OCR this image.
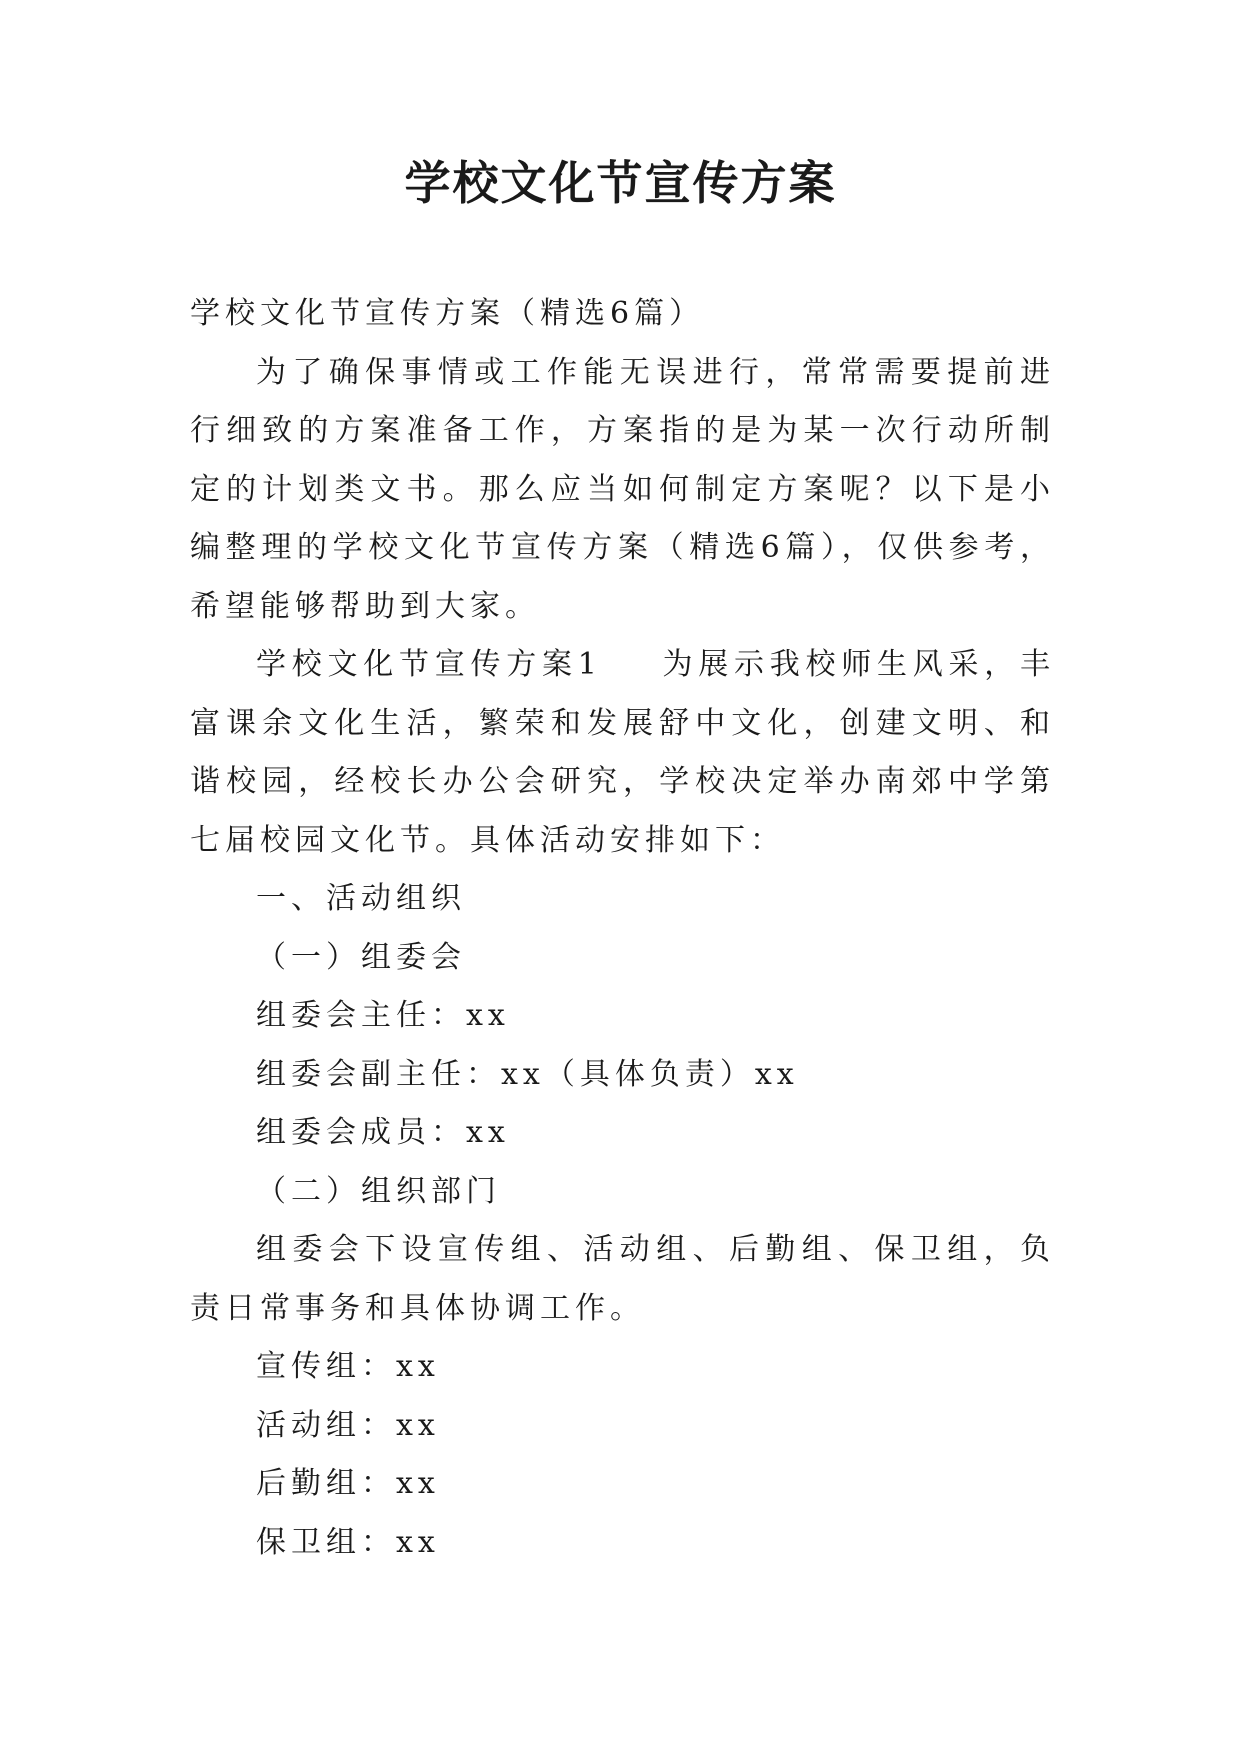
学校文化节宣传方案

学校文化节宣传方案（精选6篇）

为了确保事情或工作能无误进行，常常需要提前进行细致的方案准备工作，方案指的是为某一次行动所制定的计划类文书。那么应当如何制定方案呢？以下是小编整理的学校文化节宣传方案（精选6篇），仅供参考，希望能够帮助到大家。

学校文化节宣传方案1 为展示我校师生风采，丰富课余文化生活，繁荣和发展舒中文化，创建文明、和谐校园，经校长办公会研究，学校决定举办南郊中学第七届校园文化节。具体活动安排如下：

一、活动组织

（一）组委会

组委会主任：xx

组委会副主任：xx（具体负责）xx

组委会成员：xx

（二）组织部门

组委会下设宣传组、活动组、后勤组、保卫组，负责日常事务和具体协调工作。

宣传组：xx

活动组：xx

后勤组：xx

保卫组：xx
